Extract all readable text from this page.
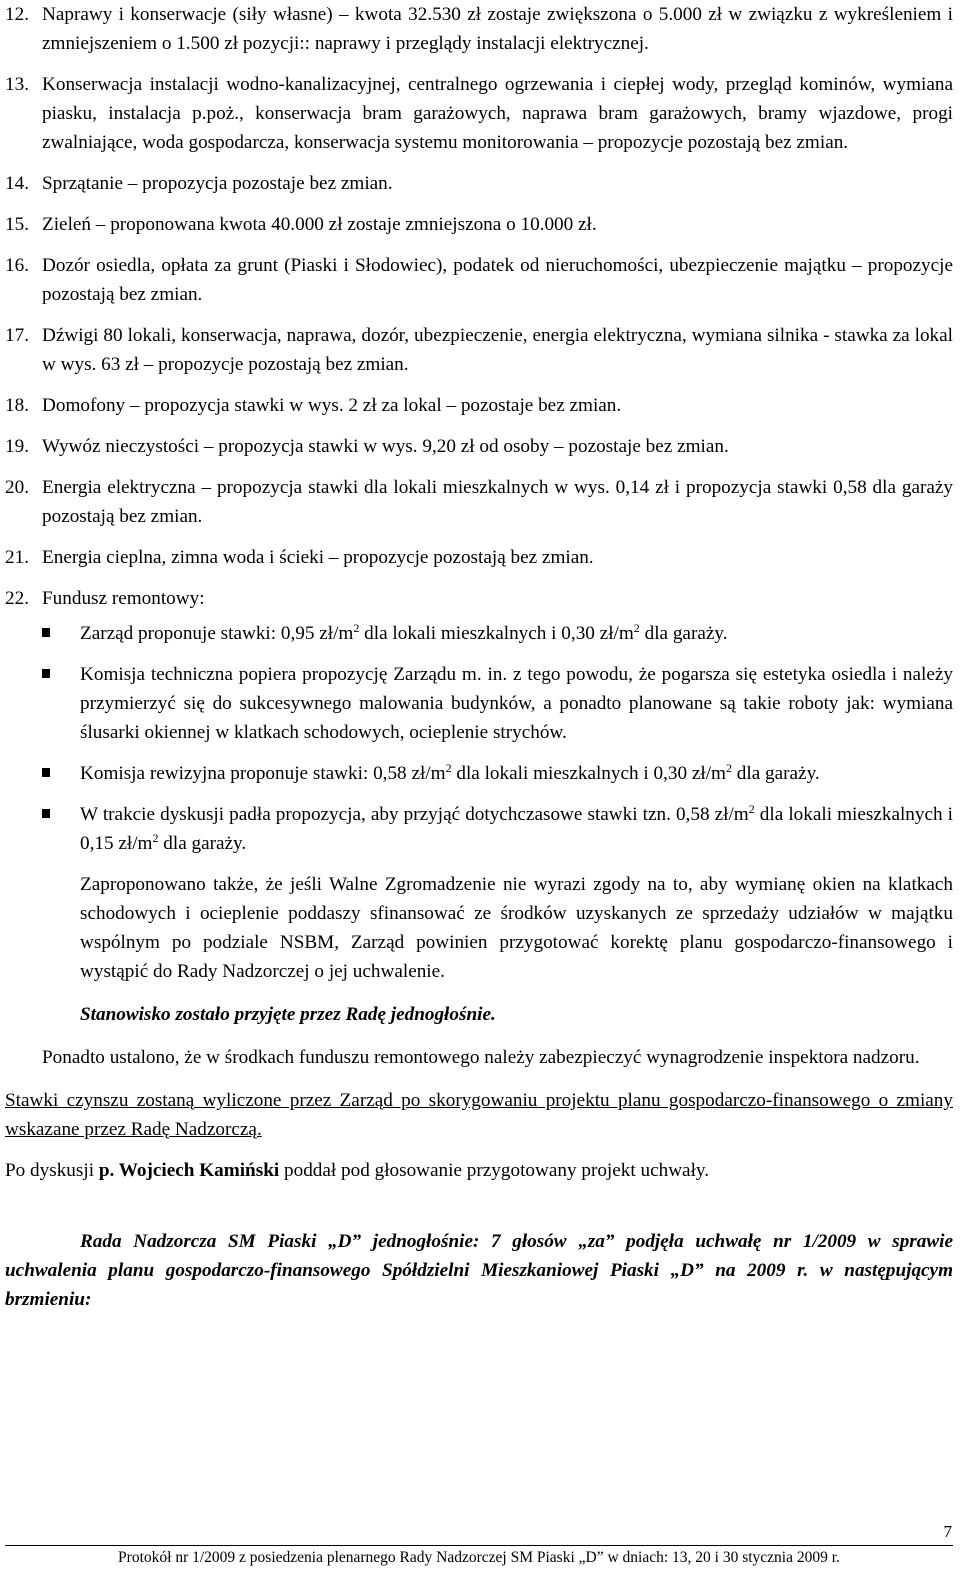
12. Naprawy i konserwacje (siły własne) – kwota 32.530 zł zostaje zwiększona o 5.000 zł w związku z wykreśleniem i zmniejszeniem o 1.500 zł pozycji:: naprawy i przeglądy instalacji elektrycznej.
13. Konserwacja instalacji wodno-kanalizacyjnej, centralnego ogrzewania i ciepłej wody, przegląd kominów, wymiana piasku, instalacja p.poż., konserwacja bram garażowych, naprawa bram garażowych, bramy wjazdowe, progi zwalniające, woda gospodarcza, konserwacja systemu monitorowania – propozycje pozostają bez zmian.
14. Sprzątanie – propozycja pozostaje bez zmian.
15. Zieleń – proponowana kwota 40.000 zł zostaje zmniejszona o 10.000 zł.
16. Dozór osiedla, opłata za grunt (Piaski i Słodowiec), podatek od nieruchomości, ubezpieczenie majątku – propozycje pozostają bez zmian.
17. Dźwigi 80 lokali, konserwacja, naprawa, dozór, ubezpieczenie, energia elektryczna, wymiana silnika - stawka za lokal w wys. 63 zł – propozycje pozostają bez zmian.
18. Domofony – propozycja stawki w wys. 2 zł za lokal – pozostaje bez zmian.
19. Wywóz nieczystości – propozycja stawki w wys. 9,20 zł od osoby – pozostaje bez zmian.
20. Energia elektryczna – propozycja stawki dla lokali mieszkalnych w wys. 0,14 zł i propozycja stawki 0,58 dla garaży pozostają bez zmian.
21. Energia cieplna, zimna woda i ścieki – propozycje pozostają bez zmian.
22. Fundusz remontowy:
Zarząd proponuje stawki: 0,95 $zł/m^2$ dla lokali mieszkalnych i 0,30 $zł/m^2$ dla garaży.
Komisja techniczna popiera propozycję Zarządu m. in. z tego powodu, że pogarsza się estetyka osiedla i należy przymierzyć się do sukcesywnego malowania budynków, a ponadto planowane są takie roboty jak: wymiana ślusarki okiennej w klatkach schodowych, ocieplenie strychów.
Komisja rewizyjna proponuje stawki: 0,58 $zł/m^2$ dla lokali mieszkalnych i 0,30 $zł/m^2$ dla garaży.
W trakcie dyskusji padła propozycja, aby przyjąć dotychczasowe stawki tzn. 0,58 $zł/m^2$ dla lokali mieszkalnych i 0,15 $zł/m^2$ dla garaży.

Zaproponowano także, że jeśli Walne Zgromadzenie nie wyrazi zgody na to, aby wymianę okien na klatkach schodowych i ocieplenie poddaszy sfinansować ze środków uzyskanych ze sprzedaży udziałów w majątku wspólnym po podziale NSBM, Zarząd powinien przygotować korektę planu gospodarczo-finansowego i wystąpić do Rady Nadzorczej o jej uchwalenie.

Stanowisko zostało przyjęte przez Radę jednogłośnie.

Ponadto ustalono, że w środkach funduszu remontowego należy zabezpieczyć wynagrodzenie inspektora nadzoru.

Stawki czynszu zostaną wyliczone przez Zarząd po skorygowaniu projektu planu gospodarczo-finansowego o zmiany wskazane przez Radę Nadzorczą.

Po dyskusji p. Wojciech Kamiński poddał pod głosowanie przygotowany projekt uchwały.

Rada Nadzorcza SM Piaski „D” jednogłośnie: 7 głosów „za” podjęła uchwałę nr 1/2009 w sprawie uchwalenia planu gospodarczo-finansowego Spółdzielni Mieszkaniowej Piaski „D” na 2009 r. w następującym brzmieniu:

7
Protokół nr 1/2009 z posiedzenia plenarnego Rady Nadzorczej SM Piaski „D” w dniach: 13, 20 i 30 stycznia 2009 r.
